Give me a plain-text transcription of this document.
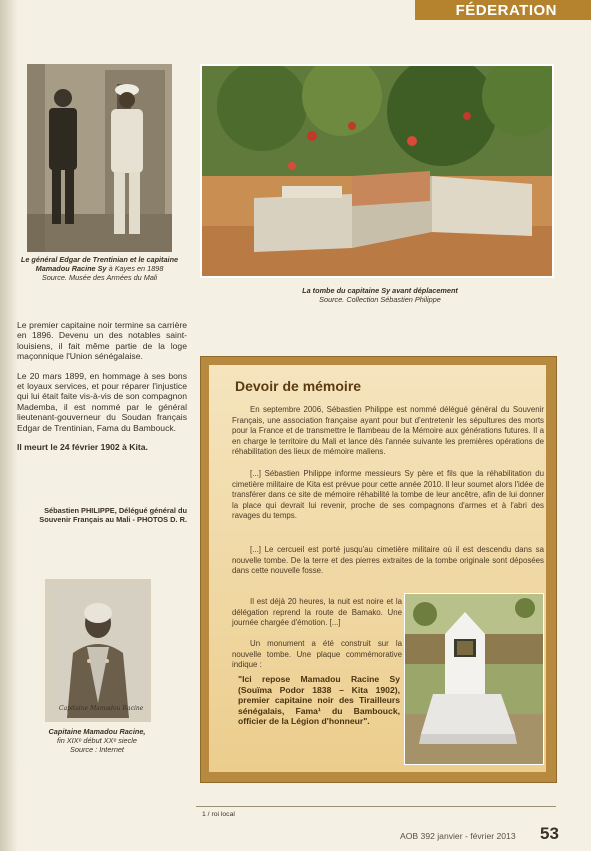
FÉDERATION
Le général Edgar de Trentinian et le capitaine Mamadou Racine Sy à Kayes en 1898
Source. Musée des Armées du Mali
La tombe du capitaine Sy avant déplacement
Source. Collection Sébastien Philippe

Le premier capitaine noir termine sa carrière en 1896. Devenu un des notables saint-louisiens, il fait même partie de la loge maçonnique l'Union sénégalaise.

Le 20 mars 1899, en hommage à ses bons et loyaux services, et pour réparer l'injustice qui lui était faite vis-à-vis de son compagnon Mademba, il est nommé par le général lieutenant-gouverneur du Soudan français Edgar de Trentinian, Fama du Bambouck.

Il meurt le 24 février 1902 à Kita.

Sébastien PHILIPPE, Délégué général du Souvenir Français au Mali - PHOTOS D. R.
Capitaine Mamadou Racine
Capitaine Mamadou Racine,
fin XIXᵉ début XXᵉ siecle
Source : Internet
Devoir de mémoire
En septembre 2006, Sébastien Philippe est nommé délégué général du Souvenir Français, une association française ayant pour but d'entretenir les sépultures des morts pour la France et de transmettre le flambeau de la Mémoire aux générations futures. Il a en charge le territoire du Mali et lance dès l'année suivante les premières opérations de réhabilitation des lieux de mémoire maliens.
[...] Sébastien Philippe informe messieurs Sy père et fils que la réhabilitation du cimetière militaire de Kita est prévue pour cette année 2010. Il leur soumet alors l'idée de transférer dans ce site de mémoire réhabilité la tombe de leur ancêtre, afin de lui donner la place qui devrait lui revenir, proche de ses compagnons d'armes et à l'abri des ravages du temps.
[...] Le cercueil est porté jusqu'au cimetière militaire où il est descendu dans sa nouvelle tombe. De la terre et des pierres extraites de la tombe originale sont déposées dans cette nouvelle fosse.
Il est déjà 20 heures, la nuit est noire et la délégation reprend la route de Bamako. Une journée chargée d'émotion. [...]
Un monument a été construit sur la nouvelle tombe. Une plaque commémorative indique :
"Ici repose Mamadou Racine Sy (Souïma Podor 1838 – Kita 1902), premier capitaine noir des Tirailleurs sénégalais, Fama¹ du Bambouck, officier de la Légion d'honneur".
1 / roi local
AOB 392 janvier - février 2013 53
